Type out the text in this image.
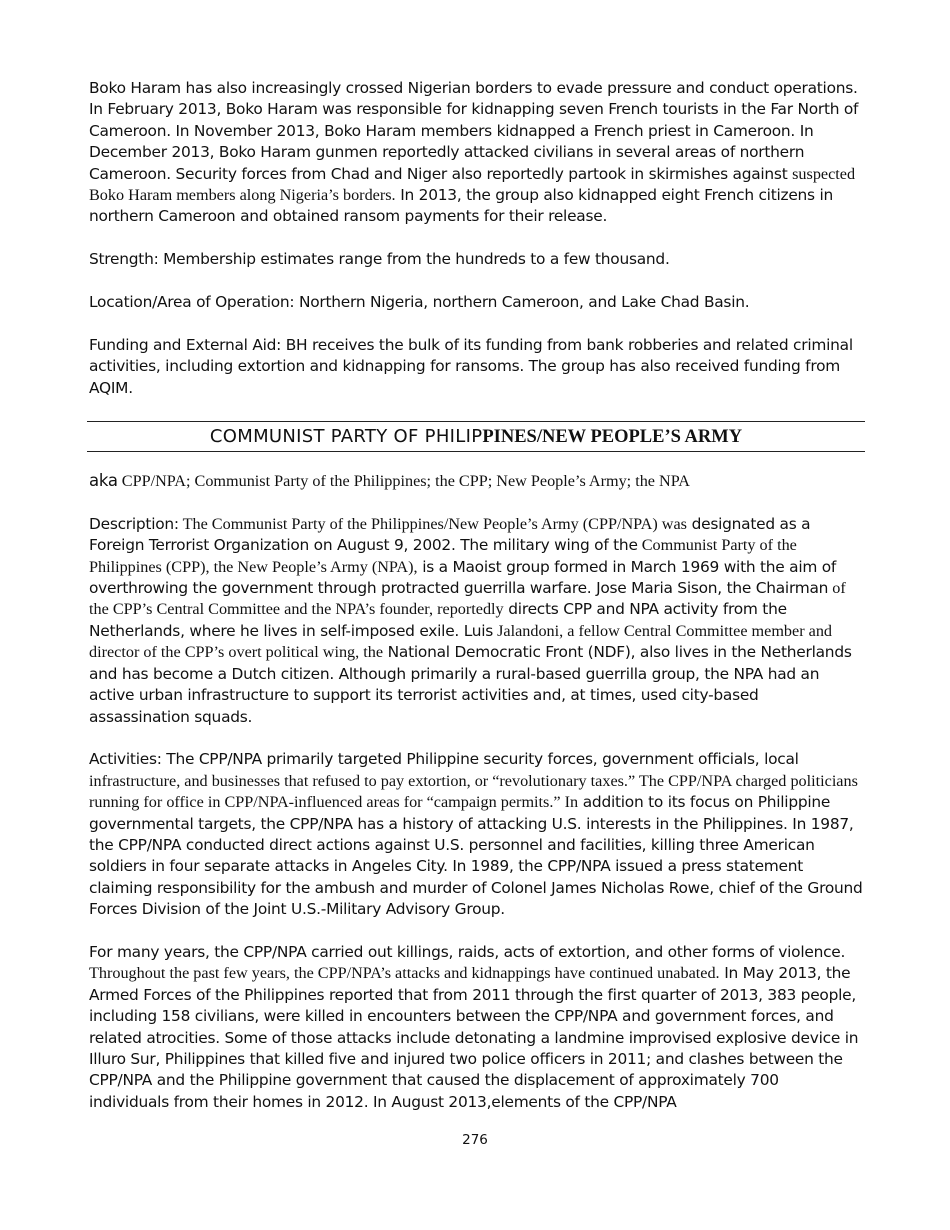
Boko Haram has also increasingly crossed Nigerian borders to evade pressure and conduct operations. In February 2013, Boko Haram was responsible for kidnapping seven French tourists in the Far North of Cameroon. In November 2013, Boko Haram members kidnapped a French priest in Cameroon. In December 2013, Boko Haram gunmen reportedly attacked civilians in several areas of northern Cameroon. Security forces from Chad and Niger also reportedly partook in skirmishes against suspected Boko Haram members along Nigeria’s borders. In 2013, the group also kidnapped eight French citizens in northern Cameroon and obtained ransom payments for their release.

Strength: Membership estimates range from the hundreds to a few thousand.

Location/Area of Operation: Northern Nigeria, northern Cameroon, and Lake Chad Basin.

Funding and External Aid: BH receives the bulk of its funding from bank robberies and related criminal activities, including extortion and kidnapping for ransoms. The group has also received funding from AQIM.

COMMUNIST PARTY OF PHILIPPINES/NEW PEOPLE’S ARMY

aka CPP/NPA; Communist Party of the Philippines; the CPP; New People’s Army; the NPA

Description: The Communist Party of the Philippines/New People’s Army (CPP/NPA) was designated as a Foreign Terrorist Organization on August 9, 2002. The military wing of the Communist Party of the Philippines (CPP), the New People’s Army (NPA), is a Maoist group formed in March 1969 with the aim of overthrowing the government through protracted guerrilla warfare. Jose Maria Sison, the Chairman of the CPP’s Central Committee and the NPA’s founder, reportedly directs CPP and NPA activity from the Netherlands, where he lives in self-imposed exile. Luis Jalandoni, a fellow Central Committee member and director of the CPP’s overt political wing, the National Democratic Front (NDF), also lives in the Netherlands and has become a Dutch citizen. Although primarily a rural-based guerrilla group, the NPA had an active urban infrastructure to support its terrorist activities and, at times, used city-based assassination squads.

Activities: The CPP/NPA primarily targeted Philippine security forces, government officials, local infrastructure, and businesses that refused to pay extortion, or “revolutionary taxes.” The CPP/NPA charged politicians running for office in CPP/NPA-influenced areas for “campaign permits.” In addition to its focus on Philippine governmental targets, the CPP/NPA has a history of attacking U.S. interests in the Philippines. In 1987, the CPP/NPA conducted direct actions against U.S. personnel and facilities, killing three American soldiers in four separate attacks in Angeles City. In 1989, the CPP/NPA issued a press statement claiming responsibility for the ambush and murder of Colonel James Nicholas Rowe, chief of the Ground Forces Division of the Joint U.S.-Military Advisory Group.

For many years, the CPP/NPA carried out killings, raids, acts of extortion, and other forms of violence. Throughout the past few years, the CPP/NPA’s attacks and kidnappings have continued unabated. In May 2013, the Armed Forces of the Philippines reported that from 2011 through the first quarter of 2013, 383 people, including 158 civilians, were killed in encounters between the CPP/NPA and government forces, and related atrocities. Some of those attacks include detonating a landmine improvised explosive device in Illuro Sur, Philippines that killed five and injured two police officers in 2011; and clashes between the CPP/NPA and the Philippine government that caused the displacement of approximately 700 individuals from their homes in 2012. In August 2013,elements of the CPP/NPA

276
